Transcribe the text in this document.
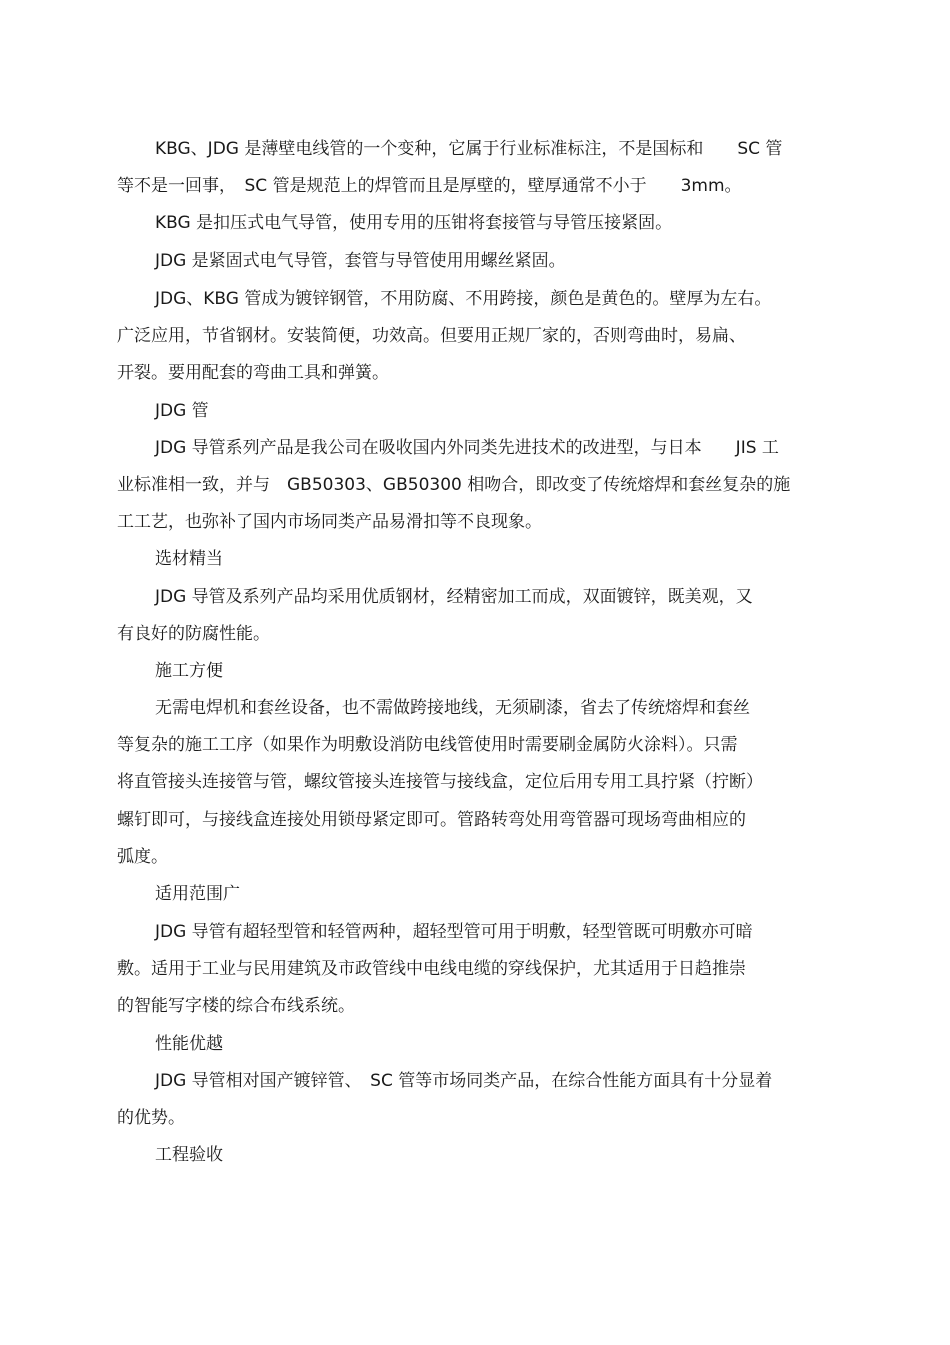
KBG、JDG 是薄壁电线管的一个变种，它属于行业标准标注，不是国标和　　SC 管
等不是一回事，　SC 管是规范上的焊管而且是厚壁的，壁厚通常不小于　　3mm。
KBG 是扣压式电气导管，使用专用的压钳将套接管与导管压接紧固。
JDG 是紧固式电气导管，套管与导管使用用螺丝紧固。
JDG、KBG 管成为镀锌钢管，不用防腐、不用跨接，颜色是黄色的。壁厚为左右。
广泛应用，节省钢材。安装简便，功效高。但要用正规厂家的，否则弯曲时，易扁、
开裂。要用配套的弯曲工具和弹簧。
JDG 管
JDG 导管系列产品是我公司在吸收国内外同类先进技术的改进型，与日本　　JIS 工
业标准相一致，并与　GB50303、GB50300 相吻合，即改变了传统熔焊和套丝复杂的施
工工艺，也弥补了国内市场同类产品易滑扣等不良现象。
选材精当
JDG 导管及系列产品均采用优质钢材，经精密加工而成，双面镀锌，既美观，又
有良好的防腐性能。
施工方便
无需电焊机和套丝设备，也不需做跨接地线，无须刷漆，省去了传统熔焊和套丝
等复杂的施工工序（如果作为明敷设消防电线管使用时需要刷金属防火涂料）。只需
将直管接头连接管与管，螺纹管接头连接管与接线盒，定位后用专用工具拧紧（拧断）
螺钉即可，与接线盒连接处用锁母紧定即可。管路转弯处用弯管器可现场弯曲相应的
弧度。
适用范围广
JDG 导管有超轻型管和轻管两种，超轻型管可用于明敷，轻型管既可明敷亦可暗
敷。适用于工业与民用建筑及市政管线中电线电缆的穿线保护，尤其适用于日趋推崇
的智能写字楼的综合布线系统。
性能优越
JDG 导管相对国产镀锌管、　SC 管等市场同类产品，在综合性能方面具有十分显着
的优势。
工程验收
